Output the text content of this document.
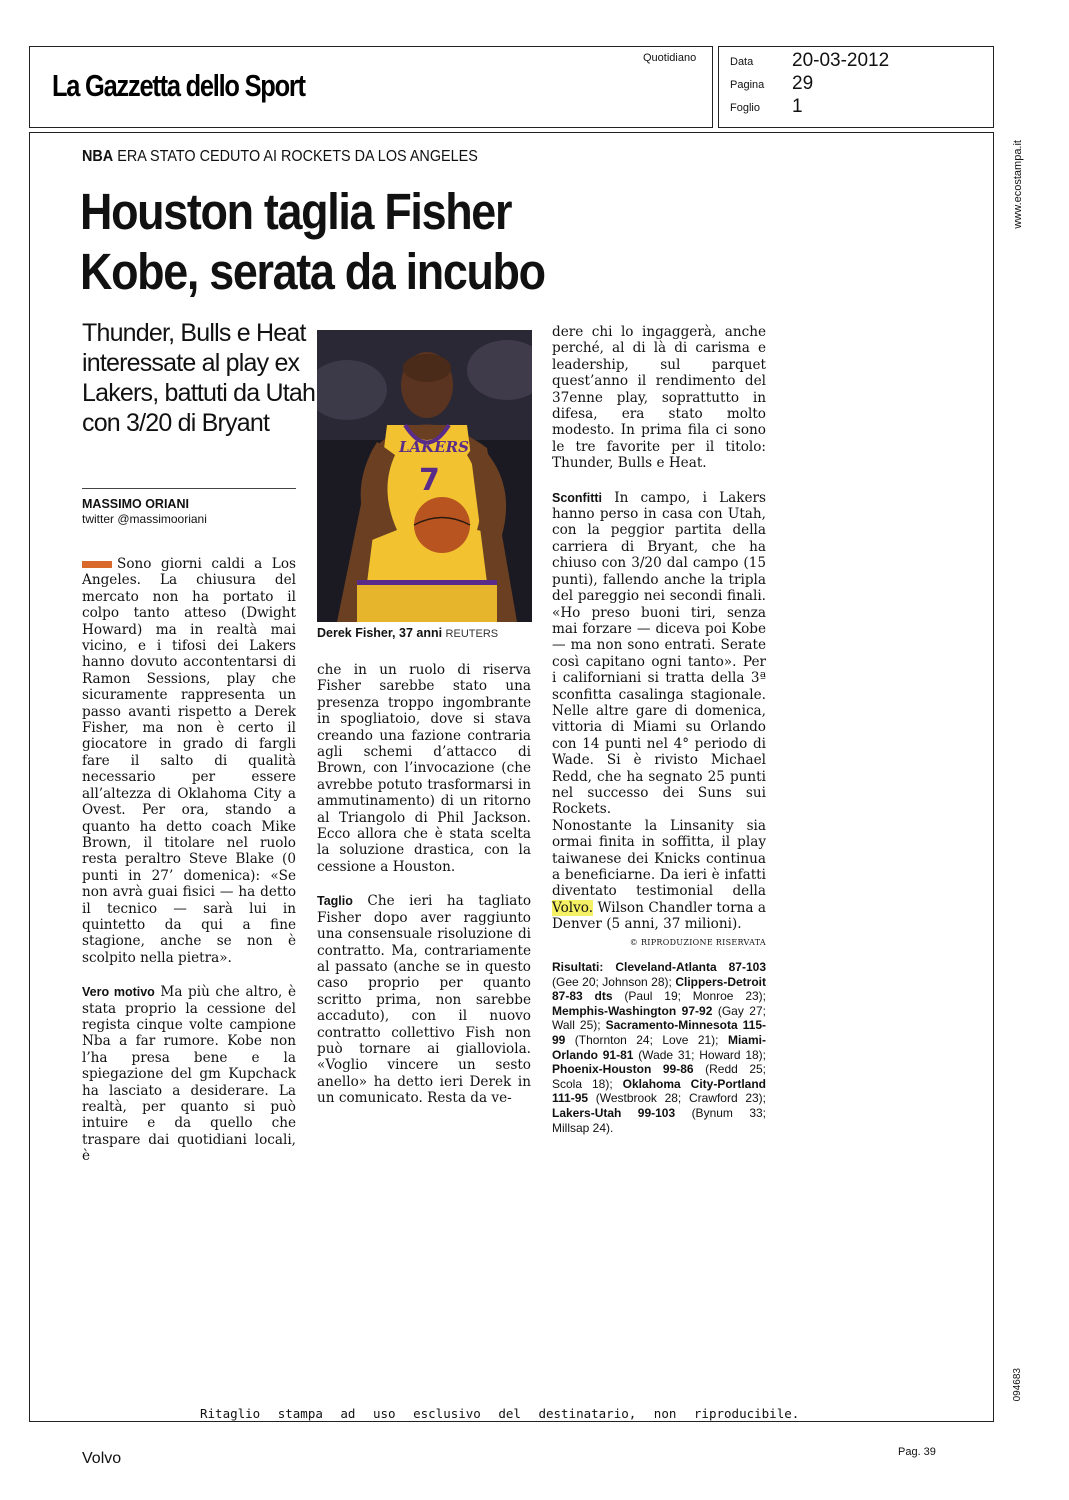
La Gazzetta dello Sport
Quotidiano	Data 20-03-2012
Pagina 29
Foglio 1
www.ecostampa.it
094683
NBA ERA STATO CEDUTO AI ROCKETS DA LOS ANGELES
Houston taglia Fisher
Kobe, serata da incubo
Thunder, Bulls e Heat interessate al play ex Lakers, battuti da Utah con 3/20 di Bryant
MASSIMO ORIANI
twitter @massimooriani

Sono giorni caldi a Los Angeles. La chiusura del mercato non ha portato il colpo tanto atteso (Dwight Howard) ma in realtà mai vicino, e i tifosi dei Lakers hanno dovuto accontentarsi di Ramon Sessions, play che sicuramente rappresenta un passo avanti rispetto a Derek Fisher, ma non è certo il giocatore in grado di fargli fare il salto di qualità necessario per essere all’altezza di Oklahoma City a Ovest. Per ora, stando a quanto ha detto coach Mike Brown, il titolare nel ruolo resta peraltro Steve Blake (0 punti in 27’ domenica): «Se non avrà guai fisici — ha detto il tecnico — sarà lui in quintetto da qui a fine stagione, anche se non è scolpito nella pietra».

Vero motivo Ma più che altro, è stata proprio la cessione del regista cinque volte campione Nba a far rumore. Kobe non l’ha presa bene e la spiegazione del gm Kupchack ha lasciato a desiderare. La realtà, per quanto si può intuire e da quello che traspare dai quotidiani locali, è

LAKERS
7
Derek Fisher, 37 anni REUTERS

che in un ruolo di riserva Fisher sarebbe stato una presenza troppo ingombrante in spogliatoio, dove si stava creando una fazione contraria agli schemi d’attacco di Brown, con l’invocazione (che avrebbe potuto trasformarsi in ammutinamento) di un ritorno al Triangolo di Phil Jackson. Ecco allora che è stata scelta la soluzione drastica, con la cessione a Houston.

Taglio Che ieri ha tagliato Fisher dopo aver raggiunto una consensuale risoluzione di contratto. Ma, contrariamente al passato (anche se in questo caso proprio per quanto scritto prima, non sarebbe accaduto), con il nuovo contratto collettivo Fish non può tornare ai gialloviola. «Voglio vincere un sesto anello» ha detto ieri Derek in un comunicato. Resta da ve-

dere chi lo ingaggerà, anche perché, al di là di carisma e leadership, sul parquet quest’anno il rendimento del 37enne play, soprattutto in difesa, era stato molto modesto. In prima fila ci sono le tre favorite per il titolo: Thunder, Bulls e Heat.

Sconfitti In campo, i Lakers hanno perso in casa con Utah, con la peggior partita della carriera di Bryant, che ha chiuso con 3/20 dal campo (15 punti), fallendo anche la tripla del pareggio nei secondi finali. «Ho preso buoni tiri, senza mai forzare — diceva poi Kobe — ma non sono entrati. Serate così capitano ogni tanto». Per i californiani si tratta della 3ª sconfitta casalinga stagionale. Nelle altre gare di domenica, vittoria di Miami su Orlando con 14 punti nel 4° periodo di Wade. Si è rivisto Michael Redd, che ha segnato 25 punti nel successo dei Suns sui Rockets.

Nonostante la Linsanity sia ormai finita in soffitta, il play taiwanese dei Knicks continua a beneficiarne. Da ieri è infatti diventato testimonial della Volvo. Wilson Chandler torna a Denver (5 anni, 37 milioni).

© RIPRODUZIONE RISERVATA
Risultati: Cleveland-Atlanta 87-103 (Gee 20; Johnson 28); Clippers-Detroit 87-83 dts (Paul 19; Monroe 23); Memphis-Washington 97-92 (Gay 27; Wall 25); Sacramento-Minnesota 115-99 (Thornton 24; Love 21); Miami-Orlando 91-81 (Wade 31; Howard 18); Phoenix-Houston 99-86 (Redd 25; Scola 18); Oklahoma City-Portland 111-95 (Westbrook 28; Crawford 23); Lakers-Utah 99-103 (Bynum 33; Millsap 24).
Ritaglio stampa ad uso esclusivo del destinatario, non riproducibile.
Volvo	Pag. 39
